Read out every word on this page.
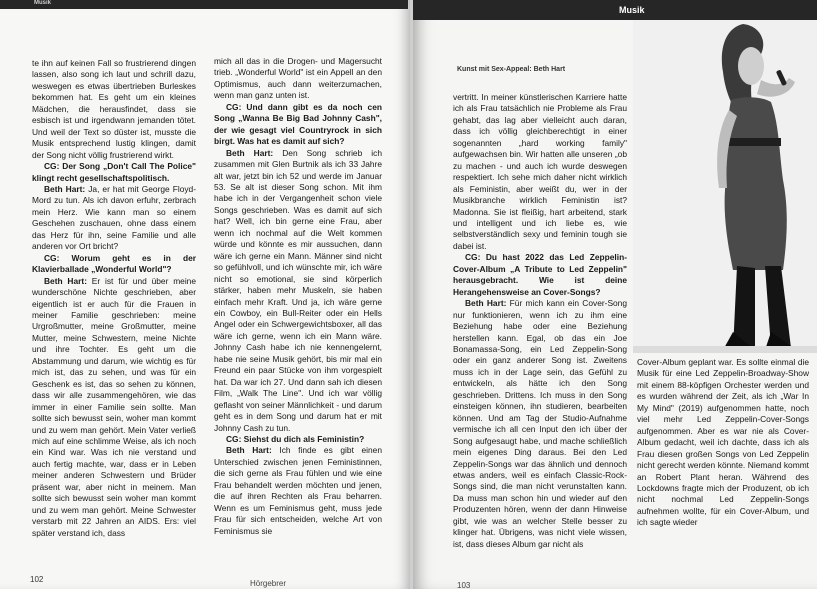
Musik

te ihn auf keinen Fall so frustrierend dingen lassen, also song ich laut und schrill dazu, weswegen es etwas übertrieben Burleskes bekommen hat. Es geht um ein kleines Mädchen, die herausfindet, dass sie esbisch ist und irgendwann jemanden tötet. Und weil der Text so düster ist, musste die Musik entsprechend lustig klingen, damit der Song nicht völlig frustrierend wirkt.

CG: Der Song „Don't Call The Police" klingt recht gesellschaftspolitisch.

Beth Hart: Ja, er hat mit George Floyd-Mord zu tun. Als ich davon erfuhr, zerbrach mein Herz. Wie kann man so einem Geschehen zuschauen, ohne dass einem das Herz für ihn, seine Familie und alle anderen vor Ort bricht?

CG: Worum geht es in der Klavierballade „Wonderful World"?

Beth Hart: Er ist für und über meine wunderschöne Nichte geschrieben, aber eigentlich ist er auch für die Frauen in meiner Familie geschrieben: meine Urgroßmutter, meine Großmutter, meine Mutter, meine Schwestern, meine Nichte und ihre Tochter. Es geht um die Abstammung und darum, wie wichtig es für mich ist, das zu sehen, und was für ein Geschenk es ist, das so sehen zu können, dass wir alle zusammengehören, wie das immer in einer Familie sein sollte. Man sollte sich bewusst sein, woher man kommt und zu wem man gehört. Mein Vater verließ mich auf eine schlimme Weise, als ich noch ein Kind war. Was ich nie verstand und auch fertig machte, war, dass er in Leben meiner anderen Schwestern und Brüder präsent war, aber nicht in meinem. Man sollte sich bewusst sein woher man kommt und zu wem man gehört. Meine Schwester verstarb mit 22 Jahren an AIDS. Ers: viel später verstand ich, dass

mich all das in die Drogen- und Magersucht trieb. „Wonderful World" ist ein Appell an den Optimismus, auch dann weiterzumachen, wenn man ganz unten ist.

CG: Und dann gibt es da noch cen Song „Wanna Be Big Bad Johnny Cash", der wie gesagt viel Countryrock in sich birgt. Was hat es damit auf sich?

Beth Hart: Den Song schrieb ich zusammen mit Glen Burtnik als ich 33 Jahre alt war, jetzt bin ich 52 und werde im Januar 53. Se alt ist dieser Song schon. Mit ihm habe ich in der Vergangenheit schon viele Songs geschrieben. Was es damit auf sich hat? Well, ich bin gerne eine Frau, aber wenn ich nochmal auf die Welt kommen würde und könnte es mir aussuchen, dann wäre ich gerne ein Mann. Männer sind nicht so gefühlvoll, und ich wünschte mir, ich wäre nicht so emotional, sie sind körperlich stärker, haben mehr Muskeln, sie haben einfach mehr Kraft. Und ja, ich wäre gerne ein Cowboy, ein Bull-Reiter oder ein Hells Angel oder ein Schwergewichtsboxer, all das wäre ich gerne, wenn ich ein Mann wäre. Johnny Cash habe ich nie kennengelernt, habe nie seine Musik gehört, bis mir mal ein Freund ein paar Stücke von ihm vorgespielt hat. Da war ich 27. Und dann sah ich diesen Film, „Walk The Line". Und ich war völlig geflasht von seiner Männlichkeit - und darum geht es in dem Song und darum hat er mit Johnny Cash zu tun.

CG: Siehst du dich als Feministin?

Beth Hart: Ich finde es gibt einen Unterschied zwischen jenen Feministinnen, die sich gerne als Frau fühlen und wie eine Frau behandelt werden möchten und jenen, die auf ihren Rechten als Frau beharren. Wenn es um Feminismus geht, muss jede Frau für sich entscheiden, welche Art von Feminismus sie

102	Hörgebrer
Musik
Kunst mit Sex-Appeal: Beth Hart

vertritt. In meiner künstlerischen Karriere hatte ich als Frau tatsächlich nie Probleme als Frau gehabt, das lag aber vielleicht auch daran, dass ich völlig gleichberechtigt in einer sogenannten „hard working family" aufgewachsen bin. Wir hatten alle unseren „ob zu machen - und auch ich wurde deswegen respektiert. Ich sehe mich daher nicht wirklich als Feministin, aber weißt du, wer in der Musikbranche wirklich Feministin ist? Madonna. Sie ist fleißig, hart arbeitend, stark und intelligent und ich liebe es, wie selbstverständlich sexy und feminin tough sie dabei ist.

CG: Du hast 2022 das Led Zeppelin-Cover-Album „A Tribute to Led Zeppelin" herausgebracht. Wie ist deine Herangehensweise an Cover-Songs?

Beth Hart: Für mich kann ein Cover-Song nur funktionieren, wenn ich zu ihm eine Beziehung habe oder eine Beziehung herstellen kann. Egal, ob das ein Joe Bonamassa-Song, ein Led Zeppelin-Song oder ein ganz anderer Song ist. Zweitens muss ich in der Lage sein, das Gefühl zu entwickeln, als hätte ich den Song geschrieben. Drittens. Ich muss in den Song einsteigen können, ihn studieren, bearbeiten können. Und am Tag der Studio-Aufnahme vermische ich all cen Input den ich über der Song aufgesaugt habe, und mache schließlich mein eigenes Ding daraus. Bei den Led Zeppelin-Songs war das ähnlich und dennoch etwas anders, weil es einfach Classic-Rock-Songs sind, die man nicht verunstalten kann. Da muss man schon hin und wieder auf den Produzenten hören, wenn der dann Hinweise gibt, wie was an welcher Stelle besser zu klinger hat. Übrigens, was nicht viele wissen, ist, dass dieses Album gar nicht als

Cover-Album geplant war. Es sollte einmal die Musik für eine Led Zeppelin-Broadway-Show mit einem 88-köpfigen Orchester werden und es wurden während der Zeit, als ich „War In My Mind" (2019) aufgenommen hatte, noch viel mehr Led Zeppelin-Cover-Songs aufgenommen. Aber es war nie als Cover-Album gedacht, weil ich dachte, dass ich als Frau diesen großen Songs von Led Zeppelin nicht gerecht werden könnte. Niemand kommt an Robert Plant heran. Während des Lockdowns fragte mich der Produzent, ob ich nicht nochmal Led Zeppelin-Songs aufnehmen wollte, für ein Cover-Album, und ich sagte wieder

103
